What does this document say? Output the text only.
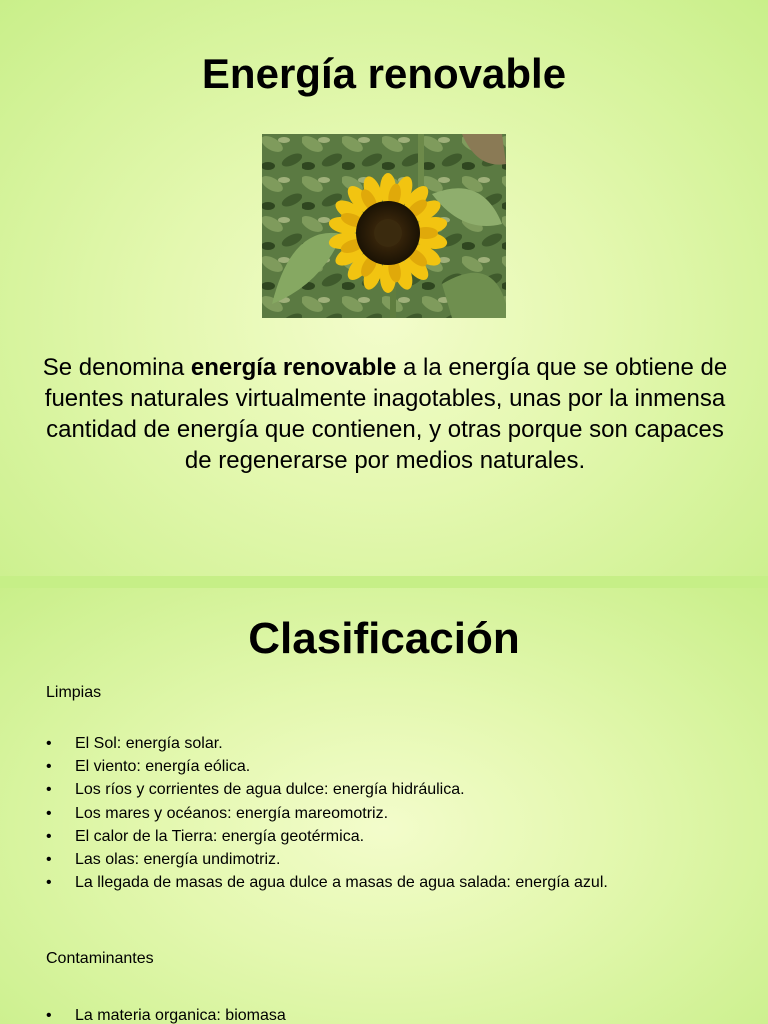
Energía renovable

Se denomina energía renovable a la energía que se obtiene de fuentes naturales virtualmente inagotables, unas por la inmensa cantidad de energía que contienen, y otras porque son capaces de regenerarse por medios naturales.

Clasificación

Limpias

• El Sol: energía solar.
• El viento: energía eólica.
• Los ríos y corrientes de agua dulce: energía hidráulica.
• Los mares y océanos: energía mareomotriz.
• El calor de la Tierra: energía geotérmica.
• Las olas: energía undimotriz.
• La llegada de masas de agua dulce a masas de agua salada: energía azul.

Contaminantes

• La materia organica: biomasa
